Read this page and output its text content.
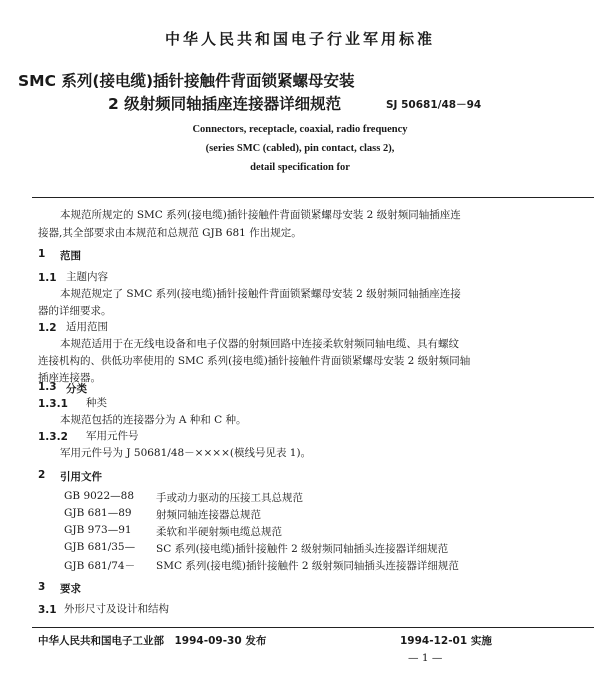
中华人民共和国电子行业军用标准
SMC 系列(接电缆)插针接触件背面锁紧螺母安装
2 级射频同轴插座连接器详细规范	SJ 50681/48－94
Connectors, receptacle, coaxial, radio frequency
(series SMC (cabled), pin contact, class 2),
detail specification for
本规范所规定的 SMC 系列(接电缆)插针接触件背面锁紧螺母安装 2 级射频同轴插座连
接器,其全部要求由本规范和总规范 GJB 681 作出规定。
1 范围
1.1 主题内容
本规范规定了 SMC 系列(接电缆)插针接触件背面锁紧螺母安装 2 级射频同轴插座连接
器的详细要求。
1.2 适用范围
本规范适用于在无线电设备和电子仪器的射频回路中连接柔软射频同轴电缆、具有螺纹
连接机构的、供低功率使用的 SMC 系列(接电缆)插针接触件背面锁紧螺母安装 2 级射频同轴
插座连接器。
1.3 分类
1.3.1 种类
本规范包括的连接器分为 A 种和 C 种。
1.3.2 军用元件号
军用元件号为 J 50681/48－××××(模线号见表 1)。
2 引用文件
GB 9022—88 手或动力驱动的压接工具总规范
GJB 681—89 射频同轴连接器总规范
GJB 973—91 柔软和半硬射频电缆总规范
GJB 681/35— SC 系列(接电缆)插针接触件 2 级射频同轴插头连接器详细规范
GJB 681/74－ SMC 系列(接电缆)插针接触件 2 级射频同轴插头连接器详细规范
3 要求
3.1 外形尺寸及设计和结构
中华人民共和国电子工业部　1994-09-30 发布	1994-12-01 实施
— 1 —
